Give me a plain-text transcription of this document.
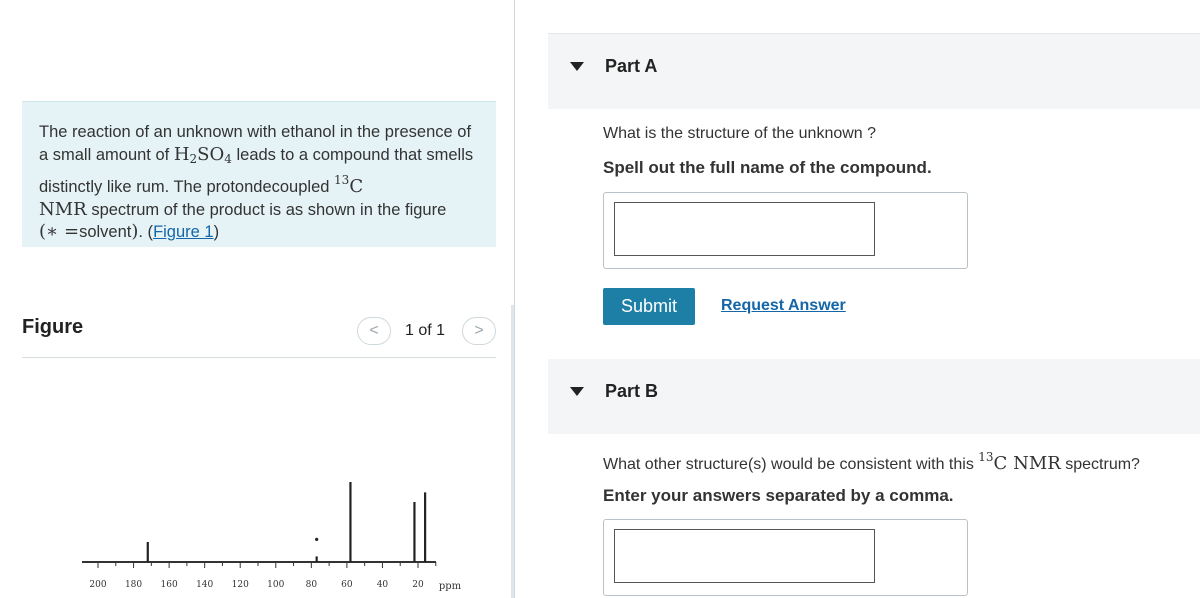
The reaction of an unknown with ethanol in the presence of a small amount of $H_2SO_4$ leads to a compound that smells distinctly like rum. The protondecoupled $^{13}$C
NMR spectrum of the product is as shown in the figure
(∗ =solvent). (Figure 1)

Figure	<	1 of 1	>
200 180 160 140 120 100 80	60	40	20 ppm
Part A
What is the structure of the unknown ?
Spell out the full name of the compound.
Submit	Request Answer
Part B
What other structure(s) would be consistent with this $^{13}$C NMR spectrum?
Enter your answers separated by a comma.
